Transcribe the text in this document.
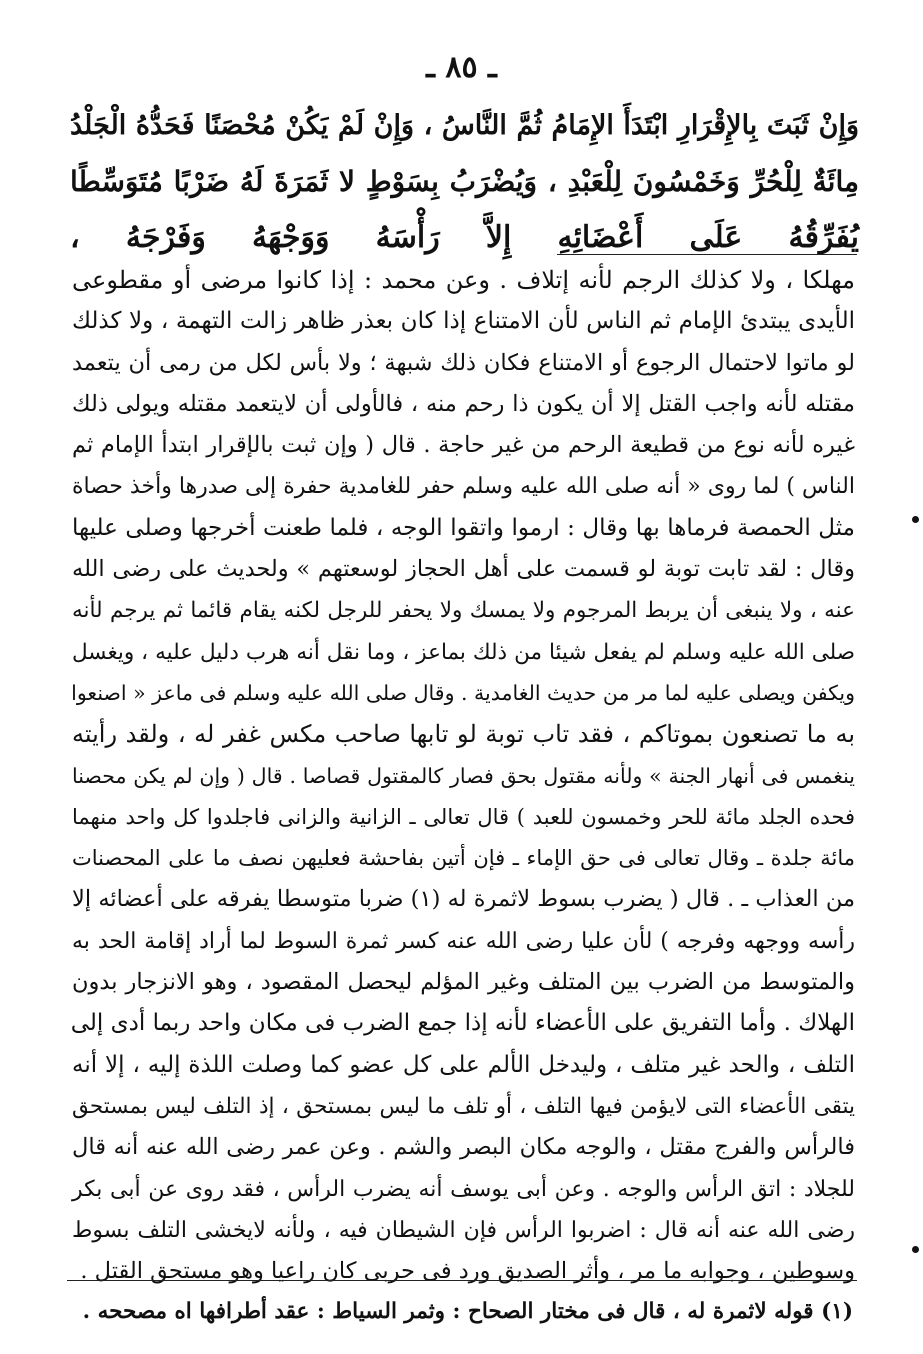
ـ ٨٥ ـ
وَإِنْ ثَبَتَ بِالإِقْرَارِ ابْتَدَأَ الإِمَامُ ثُمَّ النَّاسُ ، وَإِنْ لَمْ يَكُنْ مُحْصَنًا فَحَدُّهُ الْجَلْدُ
مِائَةٌ لِلْحُرِّ وَخَمْسُونَ لِلْعَبْدِ ، وَيُضْرَبُ بِسَوْطٍ لا ثَمَرَةَ لَهُ ضَرْبًا مُتَوَسِّطًا
يُفَرِّقُهُ عَلَى أَعْضَائِهِ إِلاَّ رَأْسَهُ وَوَجْهَهُ وَفَرْجَهُ ،
مهلكا ، ولا كذلك الرجم لأنه إتلاف . وعن محمد : إذا كانوا مرضى أو مقطوعى
الأيدى يبتدئ الإمام ثم الناس لأن الامتناع إذا كان بعذر ظاهر زالت التهمة ، ولا كذلك
لو ماتوا لاحتمال الرجوع أو الامتناع فكان ذلك شبهة ؛ ولا بأس لكل من رمى أن يتعمد
مقتله لأنه واجب القتل إلا أن يكون ذا رحم منه ، فالأولى أن لايتعمد مقتله ويولى ذلك
غيره لأنه نوع من قطيعة الرحم من غير حاجة . قال ( وإن ثبت بالإقرار ابتدأ الإمام ثم
الناس ) لما روى « أنه صلى الله عليه وسلم حفر للغامدية حفرة إلى صدرها وأخذ حصاة
مثل الحمصة فرماها بها وقال : ارموا واتقوا الوجه ، فلما طعنت أخرجها وصلى عليها
وقال : لقد تابت توبة لو قسمت على أهل الحجاز لوسعتهم » ولحديث على رضى الله
عنه ، ولا ينبغى أن يربط المرجوم ولا يمسك ولا يحفر للرجل لكنه يقام قائما ثم يرجم لأنه
صلى الله عليه وسلم لم يفعل شيئا من ذلك بماعز ، وما نقل أنه هرب دليل عليه ، ويغسل
ويكفن ويصلى عليه لما مر من حديث الغامدية . وقال صلى الله عليه وسلم فى ماعز « اصنعوا
به ما تصنعون بموتاكم ، فقد تاب توبة لو تابها صاحب مكس غفر له ، ولقد رأيته
ينغمس فى أنهار الجنة » ولأنه مقتول بحق فصار كالمقتول قصاصا . قال ( وإن لم يكن محصنا
فحده الجلد مائة للحر وخمسون للعبد ) قال تعالى ـ الزانية والزانى فاجلدوا كل واحد منهما
مائة جلدة ـ وقال تعالى فى حق الإماء ـ فإن أتين بفاحشة فعليهن نصف ما على المحصنات
من العذاب ـ . قال ( يضرب بسوط لاثمرة له (١) ضربا متوسطا يفرقه على أعضائه إلا
رأسه ووجهه وفرجه ) لأن عليا رضى الله عنه كسر ثمرة السوط لما أراد إقامة الحد به
والمتوسط من الضرب بين المتلف وغير المؤلم ليحصل المقصود ، وهو الانزجار بدون
الهلاك . وأما التفريق على الأعضاء لأنه إذا جمع الضرب فى مكان واحد ربما أدى إلى
التلف ، والحد غير متلف ، وليدخل الألم على كل عضو كما وصلت اللذة إليه ، إلا أنه
يتقى الأعضاء التى لايؤمن فيها التلف ، أو تلف ما ليس بمستحق ، إذ التلف ليس بمستحق
فالرأس والفرج مقتل ، والوجه مكان البصر والشم . وعن عمر رضى الله عنه أنه قال
للجلاد : اتق الرأس والوجه . وعن أبى يوسف أنه يضرب الرأس ، فقد روى عن أبى بكر
رضى الله عنه أنه قال : اضربوا الرأس فإن الشيطان فيه ، ولأنه لايخشى التلف بسوط
وسوطين ، وجوابه ما مر ، وأثر الصديق ورد فى حربى كان راعيا وهو مستحق القتل .
(١) قوله لاثمرة له ، قال فى مختار الصحاح : وثمر السياط : عقد أطرافها اه مصححه .
